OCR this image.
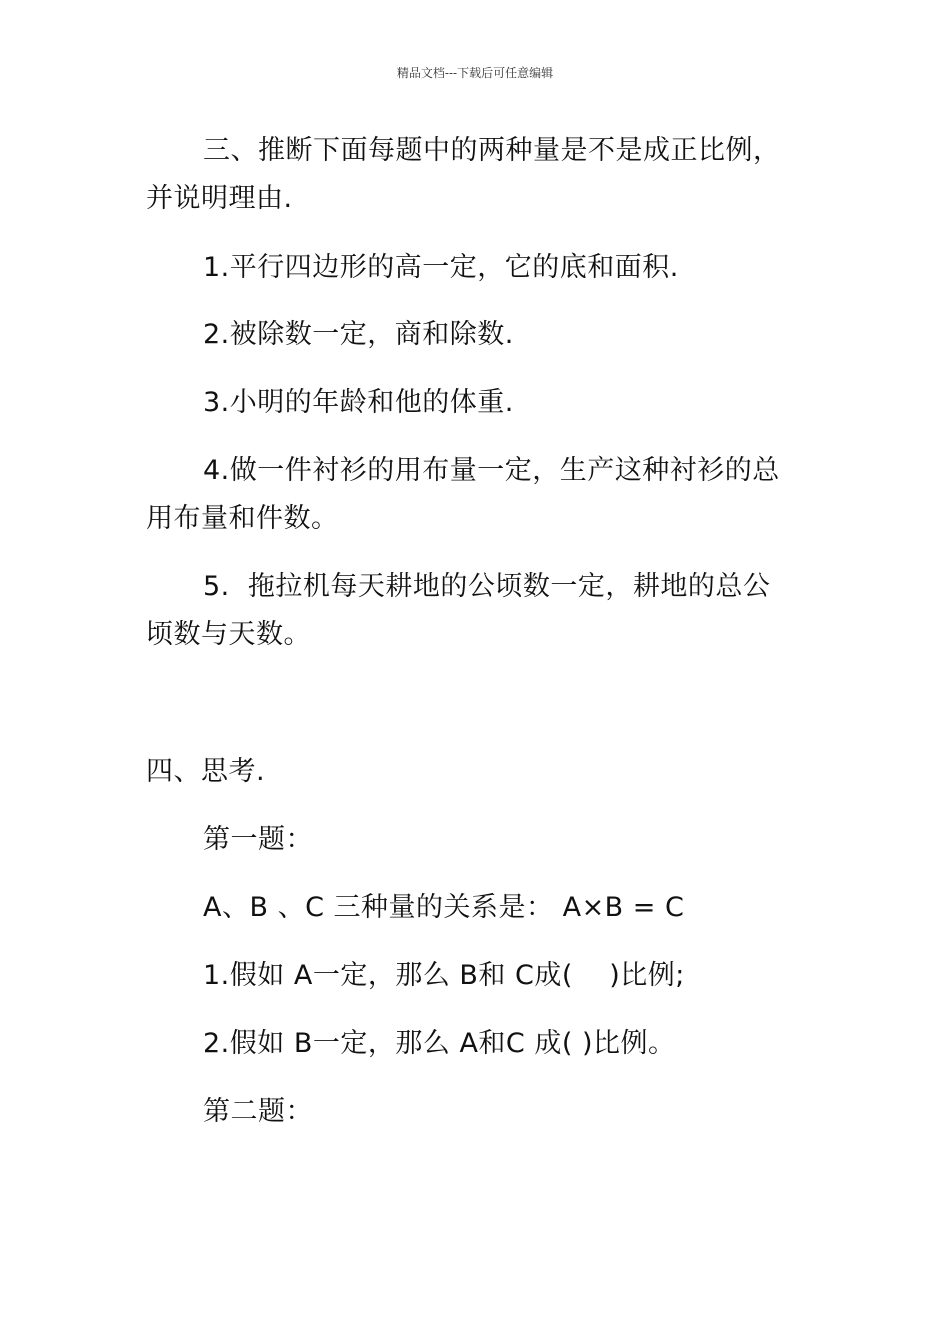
精品文档---下载后可任意编辑
三、推断下面每题中的两种量是不是成正比例，
并说明理由.
1.平行四边形的高一定，它的底和面积.
2.被除数一定，商和除数.
3.小明的年龄和他的体重.
4.做一件衬衫的用布量一定，生产这种衬衫的总
用布量和件数。
5.  拖拉机每天耕地的公顷数一定，耕地的总公
顷数与天数。
四、思考.
第一题：
A、B 、C 三种量的关系是： A×B = C
1.假如 A一定，那么 B和 C成(    )比例;
2.假如 B一定，那么 A和C 成( )比例。
第二题：
